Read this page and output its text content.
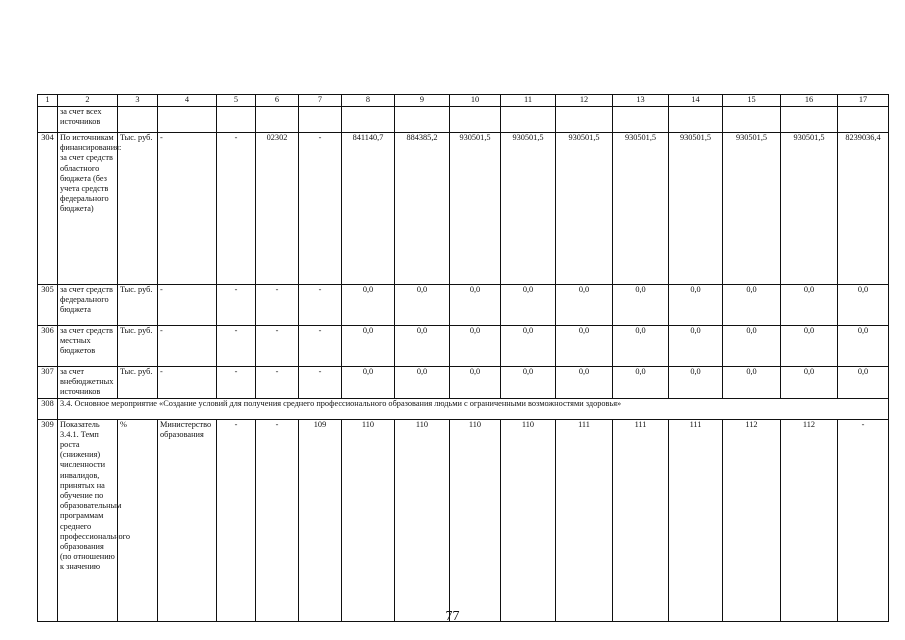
1	2	3	4	5	6	7	8	9	10	11	12	13	14	15	16	17
	за счет всех источников															
304	По источникам финансирования: за счет средств областного бюджета (без учета средств федерального бюджета)	Тыс. руб.	-	-	02302	-	841140,7	884385,2	930501,5	930501,5	930501,5	930501,5	930501,5	930501,5	930501,5	8239036,4
305	за счет средств федерального бюджета	Тыс. руб.	-	-	-	-	0,0	0,0	0,0	0,0	0,0	0,0	0,0	0,0	0,0	0,0
306	за счет средств местных бюджетов	Тыс. руб.	-	-	-	-	0,0	0,0	0,0	0,0	0,0	0,0	0,0	0,0	0,0	0,0
307	за счет внебюджетных источников	Тыс. руб.	-	-	-	-	0,0	0,0	0,0	0,0	0,0	0,0	0,0	0,0	0,0	0,0
308	3.4. Основное мероприятие «Создание условий для получения среднего профессионального образования людьми с ограниченными возможностями здоровья»															
309	Показатель 3.4.1. Темп роста (снижения) численности инвалидов, принятых на обучение по образовательным программам среднего профессионального образования (по отношению к значению	%	Министерство образования	-	-	109	110	110	110	110	111	111	111	112	112	-
77
